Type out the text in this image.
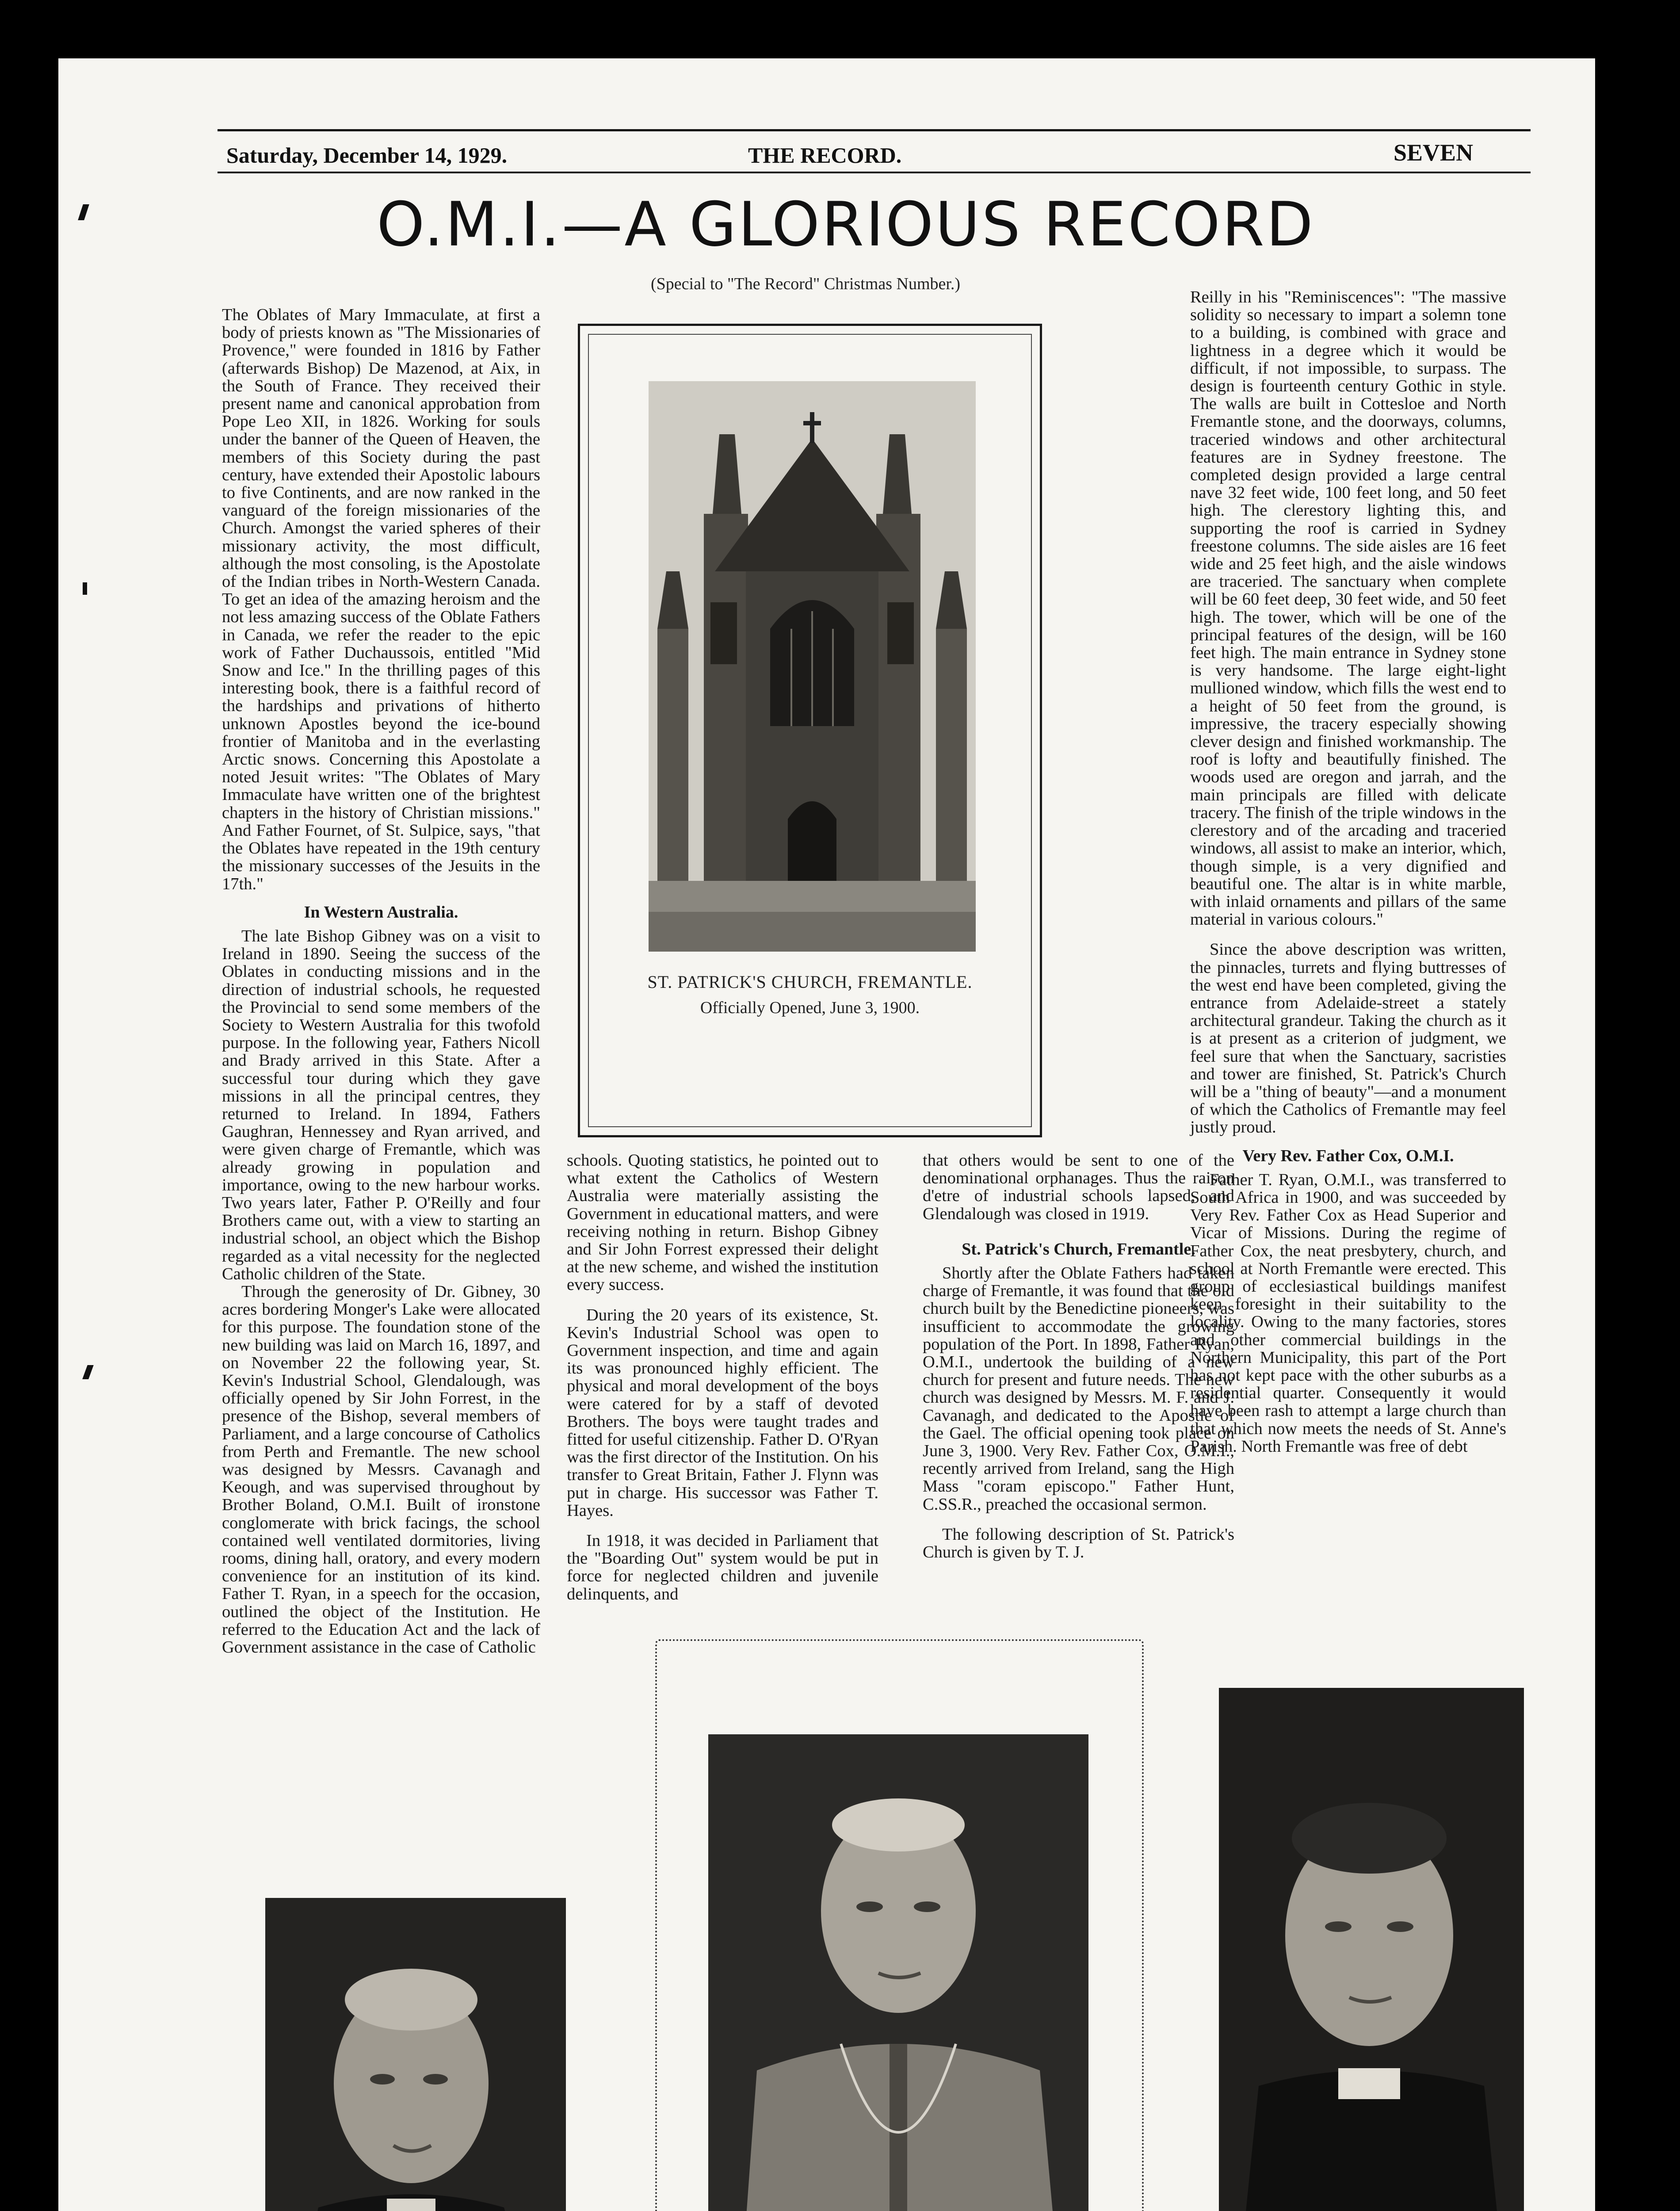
Saturday, December 14, 1929.	THE RECORD.	SEVEN
O.M.I.—A GLORIOUS RECORD
(Special to "The Record" Christmas Number.)

The Oblates of Mary Immaculate, at first a body of priests known as "The Missionaries of Provence," were founded in 1816 by Father (afterwards Bishop) De Mazenod, at Aix, in the South of France. They received their present name and canonical approbation from Pope Leo XII, in 1826. Working for souls under the banner of the Queen of Heaven, the members of this Society during the past century, have extended their Apostolic labours to five Continents, and are now ranked in the vanguard of the foreign missionaries of the Church. Amongst the varied spheres of their missionary activity, the most difficult, although the most consoling, is the Apostolate of the Indian tribes in North-Western Canada. To get an idea of the amazing heroism and the not less amazing success of the Oblate Fathers in Canada, we refer the reader to the epic work of Father Duchaussois, entitled "Mid Snow and Ice." In the thrilling pages of this interesting book, there is a faithful record of the hardships and privations of hitherto unknown Apostles beyond the ice-bound frontier of Manitoba and in the everlasting Arctic snows. Concerning this Apostolate a noted Jesuit writes: "The Oblates of Mary Immaculate have written one of the brightest chapters in the history of Christian missions." And Father Fournet, of St. Sulpice, says, "that the Oblates have repeated in the 19th century the missionary successes of the Jesuits in the 17th."

In Western Australia.

The late Bishop Gibney was on a visit to Ireland in 1890. Seeing the success of the Oblates in conducting missions and in the direction of industrial schools, he requested the Provincial to send some members of the Society to Western Australia for this twofold purpose. In the following year, Fathers Nicoll and Brady arrived in this State. After a successful tour during which they gave missions in all the principal centres, they returned to Ireland. In 1894, Fathers Gaughran, Hennessey and Ryan arrived, and were given charge of Fremantle, which was already growing in population and importance, owing to the new harbour works. Two years later, Father P. O'Reilly and four Brothers came out, with a view to starting an industrial school, an object which the Bishop regarded as a vital necessity for the neglected Catholic children of the State.

Through the generosity of Dr. Gibney, 30 acres bordering Monger's Lake were allocated for this purpose. The foundation stone of the new building was laid on March 16, 1897, and on November 22 the following year, St. Kevin's Industrial School, Glendalough, was officially opened by Sir John Forrest, in the presence of the Bishop, several members of Parliament, and a large concourse of Catholics from Perth and Fremantle. The new school was designed by Messrs. Cavanagh and Keough, and was supervised throughout by Brother Boland, O.M.I. Built of ironstone conglomerate with brick facings, the school contained well ventilated dormitories, living rooms, dining hall, oratory, and every modern convenience for an institution of its kind. Father T. Ryan, in a speech for the occasion, outlined the object of the Institution. He referred to the Education Act and the lack of Government assistance in the case of Catholic

ST. PATRICK'S CHURCH, FREMANTLE.
Officially Opened, June 3, 1900.

schools. Quoting statistics, he pointed out to what extent the Catholics of Western Australia were materially assisting the Government in educational matters, and were receiving nothing in return. Bishop Gibney and Sir John Forrest expressed their delight at the new scheme, and wished the institution every success.

During the 20 years of its existence, St. Kevin's Industrial School was open to Government inspection, and time and again its was pronounced highly efficient. The physical and moral development of the boys were catered for by a staff of devoted Brothers. The boys were taught trades and fitted for useful citizenship. Father D. O'Ryan was the first director of the Institution. On his transfer to Great Britain, Father J. Flynn was put in charge. His successor was Father T. Hayes.

In 1918, it was decided in Parliament that the "Boarding Out" system would be put in force for neglected children and juvenile delinquents, and

that others would be sent to one of the denominational orphanages. Thus the raison d'etre of industrial schools lapsed, and Glendalough was closed in 1919.

St. Patrick's Church, Fremantle.

Shortly after the Oblate Fathers had taken charge of Fremantle, it was found that the old church built by the Benedictine pioneers, was insufficient to accommodate the growing population of the Port. In 1898, Father Ryan, O.M.I., undertook the building of a new church for present and future needs. The new church was designed by Messrs. M. F. and J. Cavanagh, and dedicated to the Apostle of the Gael. The official opening took place on June 3, 1900. Very Rev. Father Cox, O.M.I., recently arrived from Ireland, sang the High Mass "coram episcopo." Father Hunt, C.SS.R., preached the occasional sermon.

The following description of St. Patrick's Church is given by T. J.

Reilly in his "Reminiscences": "The massive solidity so necessary to impart a solemn tone to a building, is combined with grace and lightness in a degree which it would be difficult, if not impossible, to surpass. The design is fourteenth century Gothic in style. The walls are built in Cottesloe and North Fremantle stone, and the doorways, columns, traceried windows and other architectural features are in Sydney freestone. The completed design provided a large central nave 32 feet wide, 100 feet long, and 50 feet high. The clerestory lighting this, and supporting the roof is carried in Sydney freestone columns. The side aisles are 16 feet wide and 25 feet high, and the aisle windows are traceried. The sanctuary when complete will be 60 feet deep, 30 feet wide, and 50 feet high. The tower, which will be one of the principal features of the design, will be 160 feet high. The main entrance in Sydney stone is very handsome. The large eight-light mullioned window, which fills the west end to a height of 50 feet from the ground, is impressive, the tracery especially showing clever design and finished workmanship. The roof is lofty and beautifully finished. The woods used are oregon and jarrah, and the main principals are filled with delicate tracery. The finish of the triple windows in the clerestory and of the arcading and traceried windows, all assist to make an interior, which, though simple, is a very dignified and beautiful one. The altar is in white marble, with inlaid ornaments and pillars of the same material in various colours."

Since the above description was written, the pinnacles, turrets and flying buttresses of the west end have been completed, giving the entrance from Adelaide-street a stately architectural grandeur. Taking the church as it is at present as a criterion of judgment, we feel sure that when the Sanctuary, sacristies and tower are finished, St. Patrick's Church will be a "thing of beauty"—and a monument of which the Catholics of Fremantle may feel justly proud.

Very Rev. Father Cox, O.M.I.

Father T. Ryan, O.M.I., was transferred to South Africa in 1900, and was succeeded by Very Rev. Father Cox as Head Superior and Vicar of Missions. During the regime of Father Cox, the neat presbytery, church, and school at North Fremantle were erected. This group of ecclesiastical buildings manifest keen foresight in their suitability to the locality. Owing to the many factories, stores and other commercial buildings in the Northern Municipality, this part of the Port has not kept pace with the other suburbs as a residential quarter. Consequently it would have been rash to attempt a large church than that which now meets the needs of St. Anne's Parish. North Fremantle was free of debt
